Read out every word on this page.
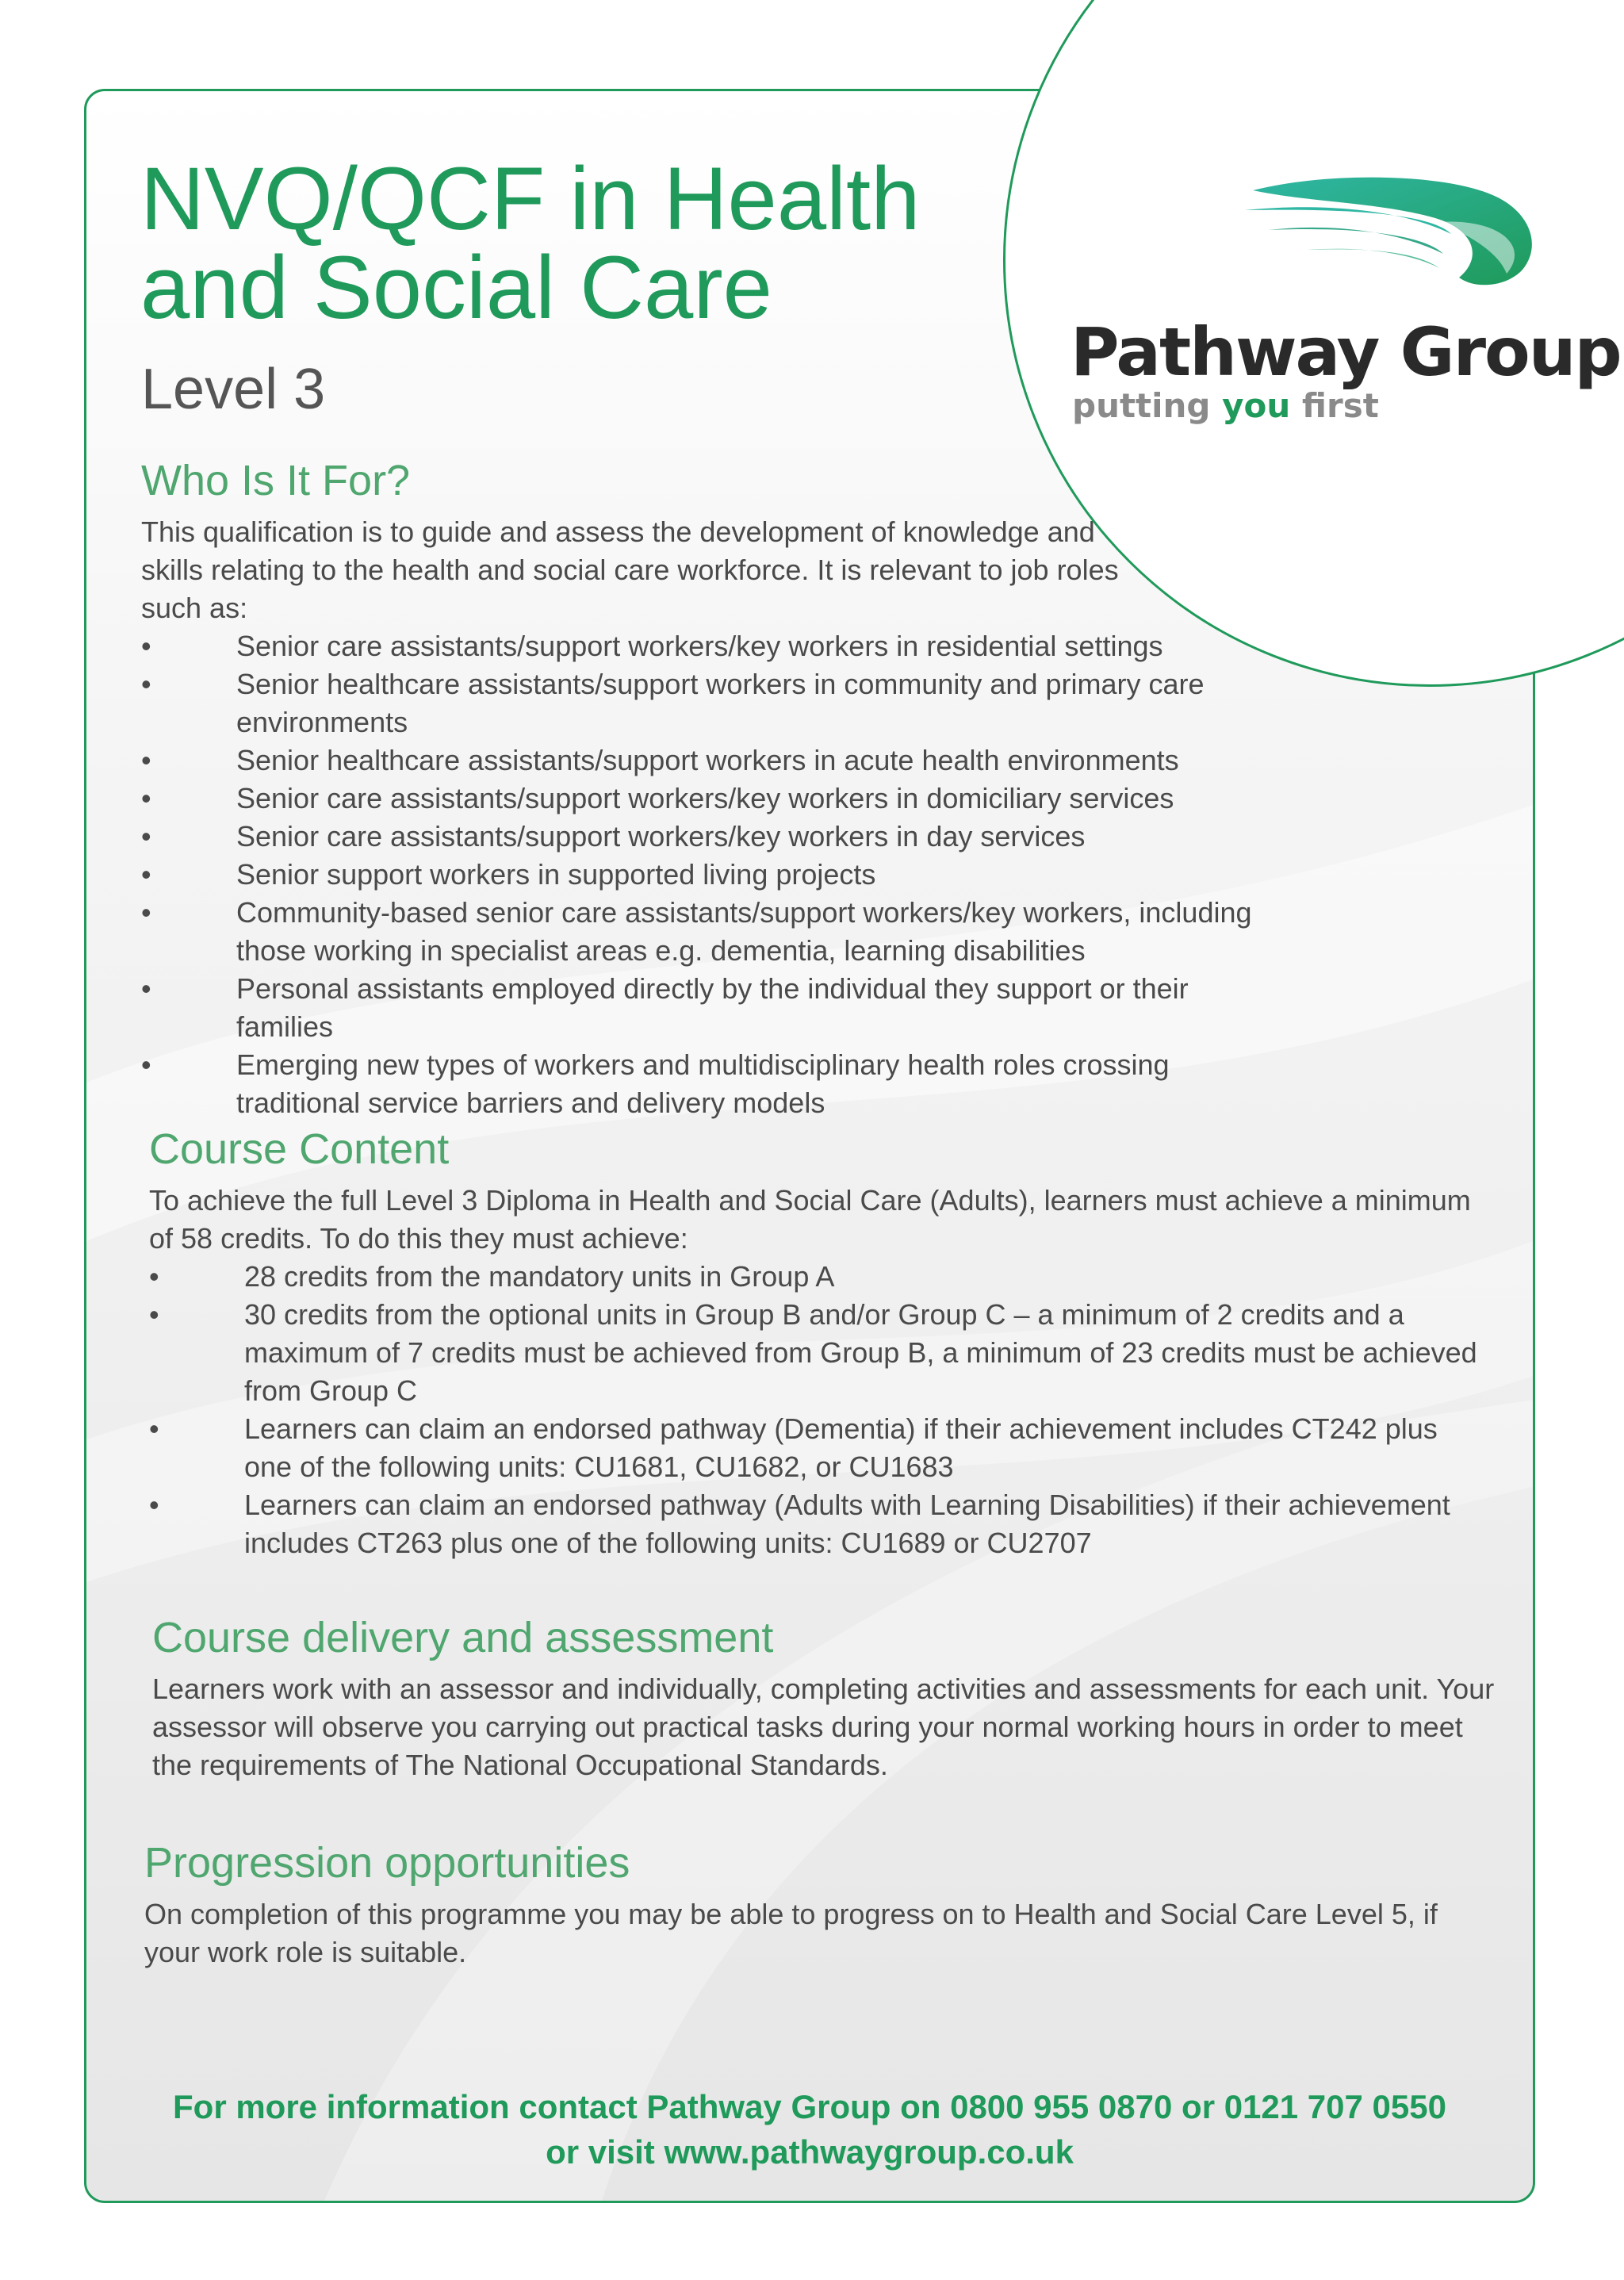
Pathway Group
putting you first
NVQ/QCF in Health
and Social Care
Level 3
Who Is It For?

This qualification is to guide and assess the development of knowledge and skills relating to the health and social care workforce. It is relevant to job roles such as:

•	Senior care assistants/support workers/key workers in residential settings
•	Senior healthcare assistants/support workers in community and primary care environments
•	Senior healthcare assistants/support workers in acute health environments
•	Senior care assistants/support workers/key workers in domiciliary services
•	Senior care assistants/support workers/key workers in day services
•	Senior support workers in supported living projects
•	Community-based senior care assistants/support workers/key workers, including those working in specialist areas e.g. dementia, learning disabilities
•	Personal assistants employed directly by the individual they support or their families
•	Emerging new types of workers and multidisciplinary health roles crossing traditional service barriers and delivery models
Course Content

To achieve the full Level 3 Diploma in Health and Social Care (Adults), learners must achieve a minimum of 58 credits. To do this they must achieve:

•	28 credits from the mandatory units in Group A
•	30 credits from the optional units in Group B and/or Group C – a minimum of 2 credits and a maximum of 7 credits must be achieved from Group B, a minimum of 23 credits must be achieved from Group C
•	Learners can claim an endorsed pathway (Dementia) if their achievement includes CT242 plus one of the following units: CU1681, CU1682, or CU1683
•	Learners can claim an endorsed pathway (Adults with Learning Disabilities) if their achievement includes CT263 plus one of the following units: CU1689 or CU2707
Course delivery and assessment

Learners work with an assessor and individually, completing activities and assessments for each unit. Your assessor will observe you carrying out practical tasks during your normal working hours in order to meet the requirements of The National Occupational Standards.

Progression opportunities

On completion of this programme you may be able to progress on to Health and Social Care Level 5, if your work role is suitable.

For more information contact Pathway Group on 0800 955 0870 or 0121 707 0550
or visit www.pathwaygroup.co.uk
